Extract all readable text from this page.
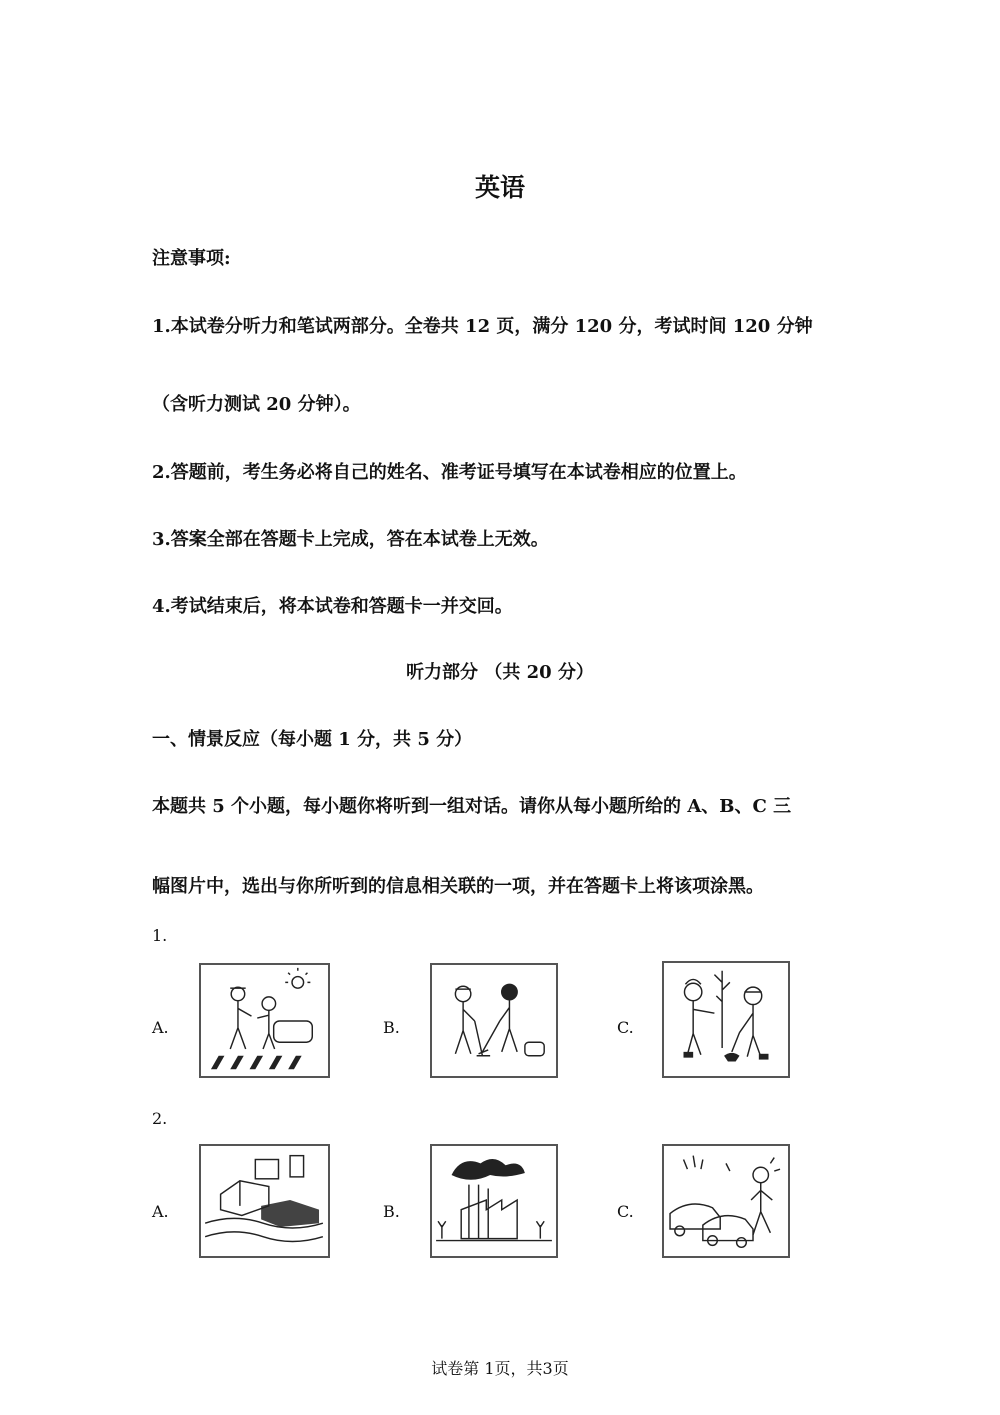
英语
注意事项:
1.本试卷分听力和笔试两部分。全卷共 12 页，满分 120 分，考试时间 120 分钟
（含听力测试 20 分钟）。
2.答题前，考生务必将自己的姓名、准考证号填写在本试卷相应的位置上。
3.答案全部在答题卡上完成，答在本试卷上无效。
4.考试结束后，将本试卷和答题卡一并交回。
听力部分 （共 20 分）
一、情景反应（每小题 1 分，共 5 分）
本题共 5 个小题，每小题你将听到一组对话。请你从每小题所给的 A、B、C 三
幅图片中，选出与你所听到的信息相关联的一项，并在答题卡上将该项涂黑。
1.
A.	B.	C.
2.
A.	B.	C.
试卷第 1页，共3页
